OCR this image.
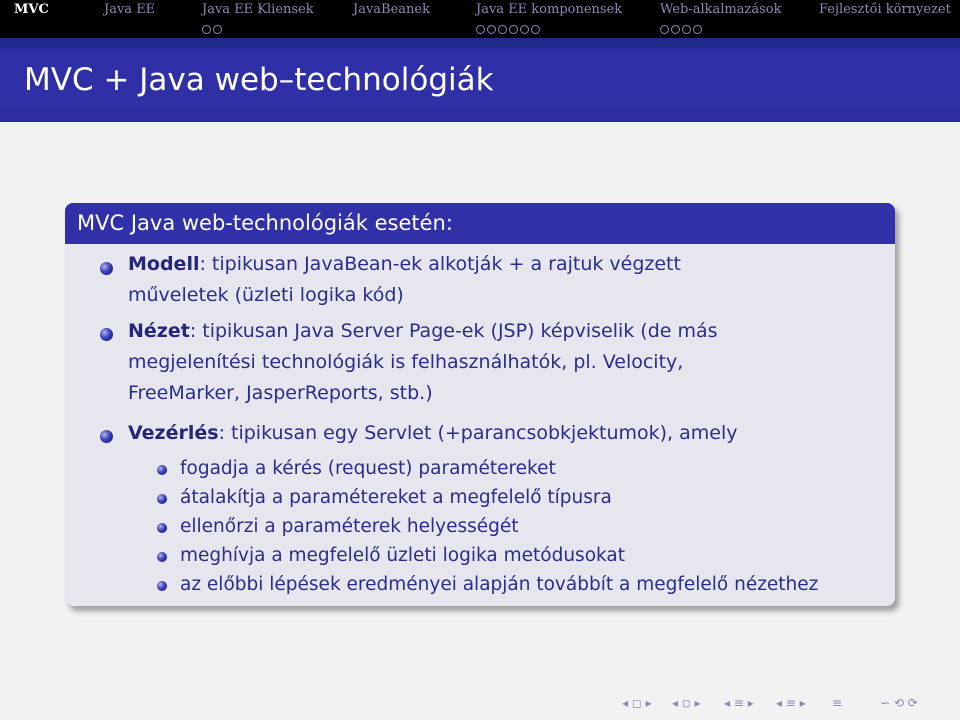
MVC	Java EE	Java EE Kliensek	JavaBeanek	Java EE komponensek	Web-alkalmazások	Fejlesztői környezet
MVC + Java web–technológiák
MVC Java web-technológiák esetén:
Modell: tipikusan JavaBean-ek alkotják + a rajtuk végzett
műveletek (üzleti logika kód)
Nézet: tipikusan Java Server Page-ek (JSP) képviselik (de más
megjelenítési technológiák is felhasználhatók, pl. Velocity,
FreeMarker, JasperReports, stb.)
Vezérlés: tipikusan egy Servlet (+parancsobkjektumok), amely
fogadja a kérés (request) paramétereket
átalakítja a paramétereket a megfelelő típusra
ellenőrzi a paraméterek helyességét
meghívja a megfelelő üzleti logika metódusokat
az előbbi lépések eredményei alapján továbbít a megfelelő nézethez
◂ ◻ ▸ ◂ ◽ ▸ ◂ ≡ ▸ ◂ ≡ ▸ ≡	∽ ⟲ ⟳
